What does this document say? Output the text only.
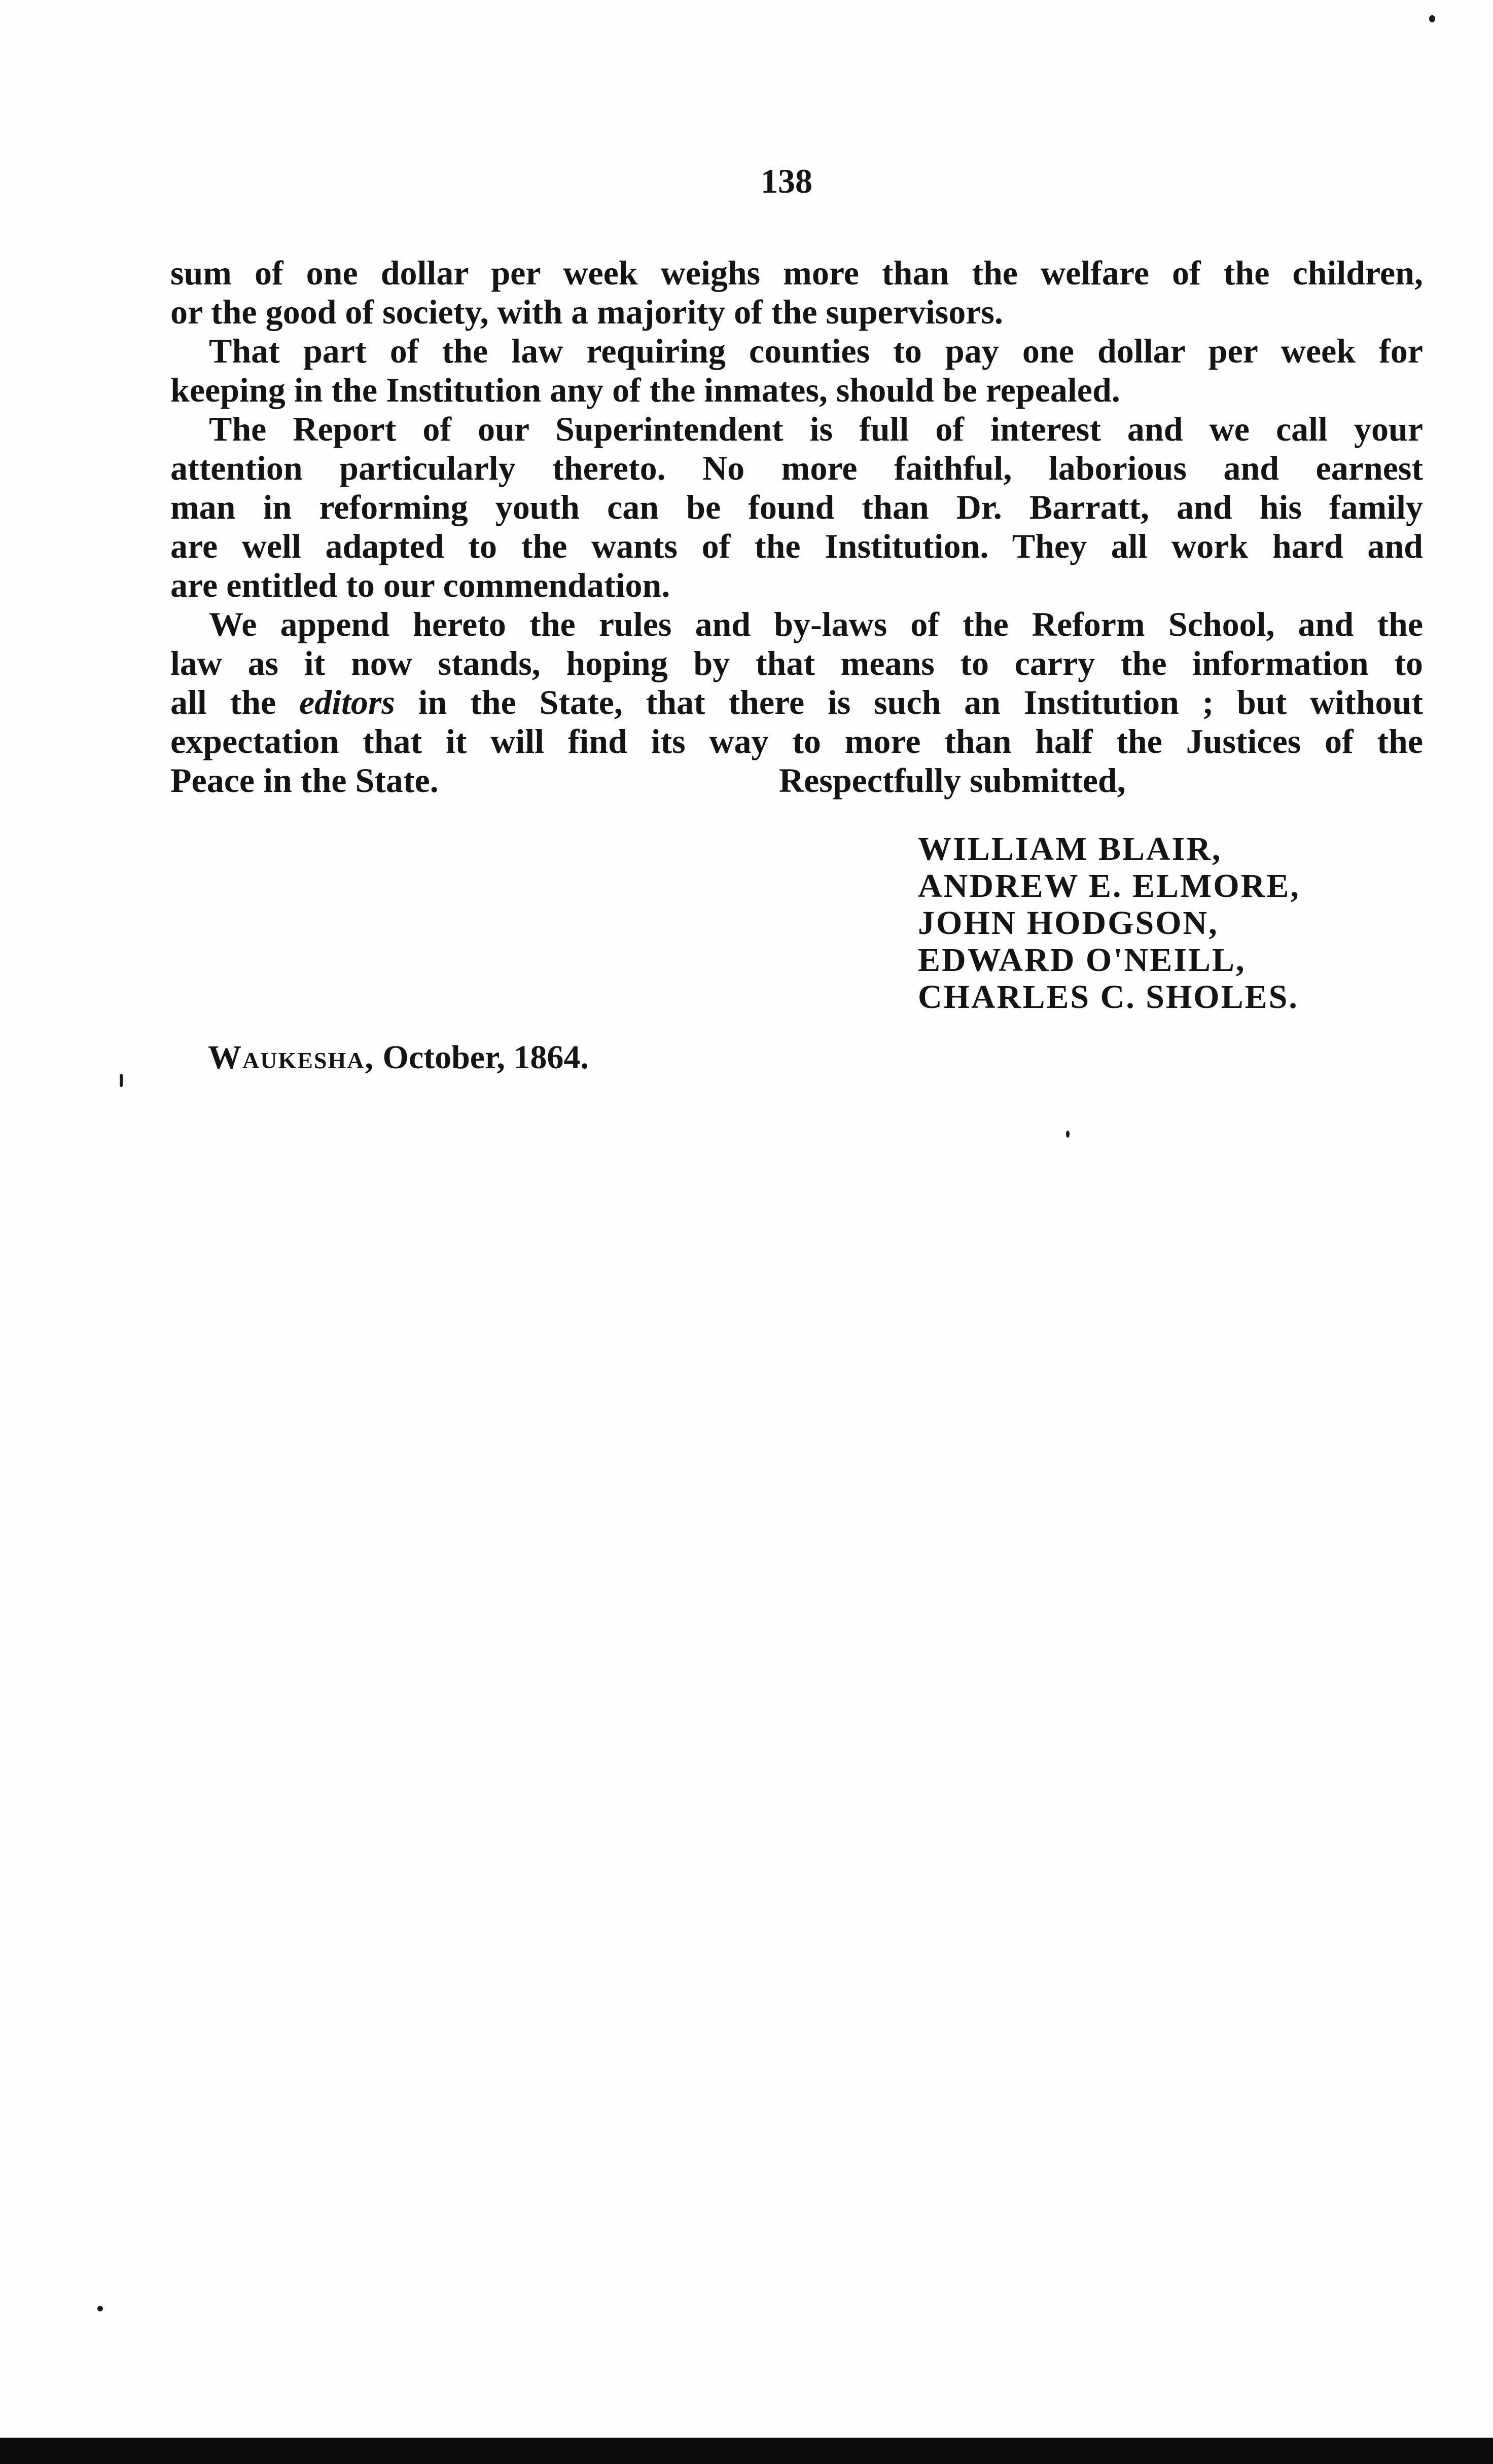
138
sum of one dollar per week weighs more than the welfare of the children,
or the good of society, with a majority of the supervisors.
That part of the law requiring counties to pay one dollar per week for
keeping in the Institution any of the inmates, should be repealed.
The Report of our Superintendent is full of interest and we call your
attention particularly thereto. No more faithful, laborious and earnest
man in reforming youth can be found than Dr. Barratt, and his family
are well adapted to the wants of the Institution. They all work hard and
are entitled to our commendation.
We append hereto the rules and by-laws of the Reform School, and the
law as it now stands, hoping by that means to carry the information to
all the editors in the State, that there is such an Institution ; but without
expectation that it will find its way to more than half the Justices of the
Peace in the State.	Respectfully submitted,
WILLIAM BLAIR,
ANDREW E. ELMORE,
JOHN HODGSON,
EDWARD O'NEILL,
CHARLES C. SHOLES.
Waukesha, October, 1864.
